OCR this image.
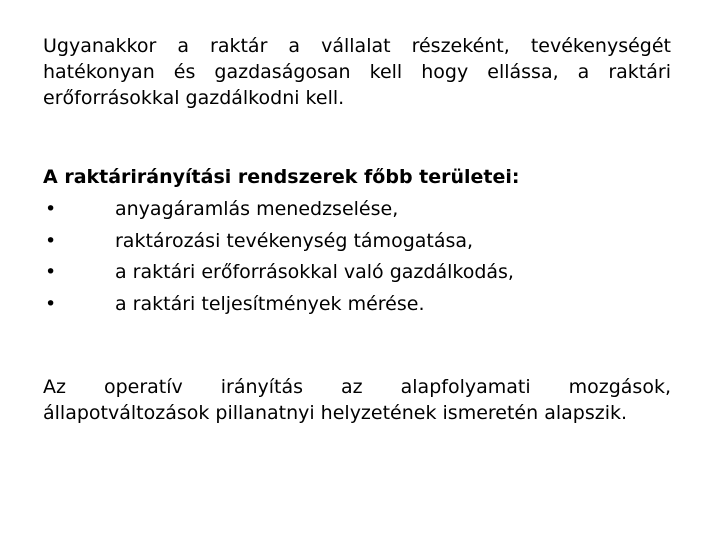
Ugyanakkor a raktár a vállalat részeként, tevékenységét hatékonyan és gazdaságosan kell hogy ellássa, a raktári erőforrásokkal gazdálkodni kell.

A raktárirányítási rendszerek főbb területei:

•	anyagáramlás menedzselése,
•	raktározási tevékenység támogatása,
•	a raktári erőforrásokkal való gazdálkodás,
•	a raktári teljesítmények mérése.

Az operatív irányítás az alapfolyamati mozgások, állapotváltozások pillanatnyi helyzetének ismeretén alapszik.
